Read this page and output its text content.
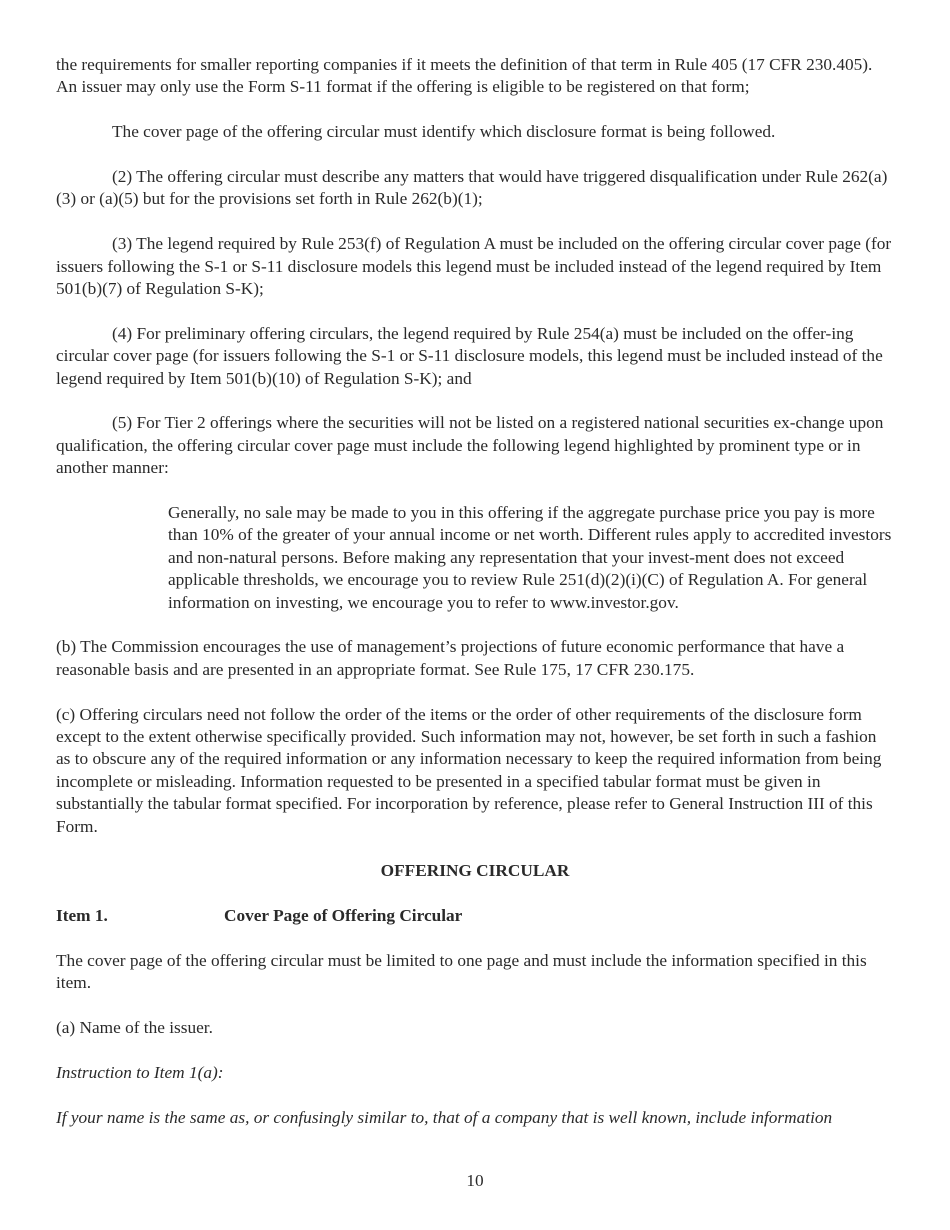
the requirements for smaller reporting companies if it meets the definition of that term in Rule 405 (17 CFR 230.405). An issuer may only use the Form S-11 format if the offering is eligible to be registered on that form;

The cover page of the offering circular must identify which disclosure format is being followed.

(2) The offering circular must describe any matters that would have triggered disqualification under Rule 262(a)(3) or (a)(5) but for the provisions set forth in Rule 262(b)(1);

(3) The legend required by Rule 253(f) of Regulation A must be included on the offering circular cover page (for issuers following the S-1 or S-11 disclosure models this legend must be included instead of the legend required by Item 501(b)(7) of Regulation S-K);

(4) For preliminary offering circulars, the legend required by Rule 254(a) must be included on the offer-ing circular cover page (for issuers following the S-1 or S-11 disclosure models, this legend must be included instead of the legend required by Item 501(b)(10) of Regulation S-K); and

(5) For Tier 2 offerings where the securities will not be listed on a registered national securities ex-change upon qualification, the offering circular cover page must include the following legend highlighted by prominent type or in another manner:

Generally, no sale may be made to you in this offering if the aggregate purchase price you pay is more than 10% of the greater of your annual income or net worth. Different rules apply to accredited investors and non-natural persons. Before making any representation that your invest-ment does not exceed applicable thresholds, we encourage you to review Rule 251(d)(2)(i)(C) of Regulation A. For general information on investing, we encourage you to refer to www.investor.gov.

(b) The Commission encourages the use of management’s projections of future economic performance that have a reasonable basis and are presented in an appropriate format. See Rule 175, 17 CFR 230.175.

(c) Offering circulars need not follow the order of the items or the order of other requirements of the disclosure form except to the extent otherwise specifically provided. Such information may not, however, be set forth in such a fashion as to obscure any of the required information or any information necessary to keep the required information from being incomplete or misleading. Information requested to be presented in a specified tabular format must be given in substantially the tabular format specified. For incorporation by reference, please refer to General Instruction III of this Form.

OFFERING CIRCULAR

Item 1.	Cover Page of Offering Circular

The cover page of the offering circular must be limited to one page and must include the information specified in this item.

(a) Name of the issuer.

Instruction to Item 1(a):

If your name is the same as, or confusingly similar to, that of a company that is well known, include information

10
